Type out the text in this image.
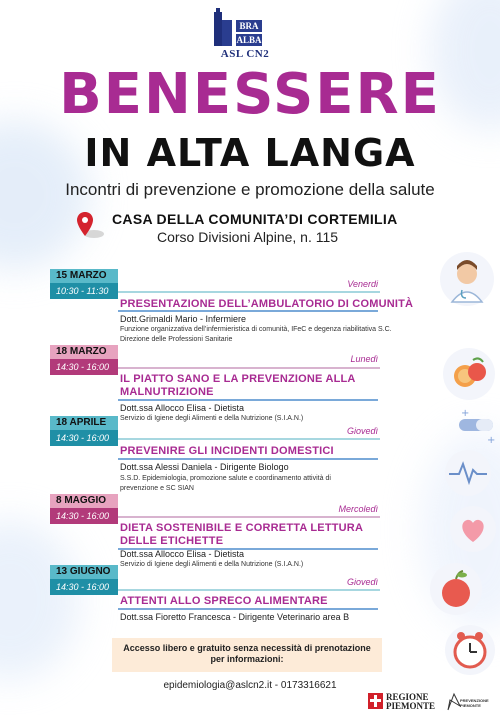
BRA
ALBA
ASL CN2
BENESSERE
IN ALTA LANGA
Incontri di prevenzione e promozione della salute
CASA DELLA COMUNITA’DI CORTEMILIA
Corso Divisioni Alpine, n. 115
15 MARZO
10:30 - 11:30
Venerdi
PRESENTAZIONE DELL’AMBULATORIO DI COMUNITÀ
Dott.Grimaldi Mario - Infermiere
Funzione organizzativa dell’infermieristica di comunità, IFeC e degenza riabilitativa S.C. Direzione delle Professioni Sanitarie
18 MARZO
14:30 - 16:00
Lunedì
IL PIATTO SANO E LA PREVENZIONE ALLA MALNUTRIZIONE
Dott.ssa Allocco Elisa - Dietista
Servizio di Igiene degli Alimenti e della Nutrizione (S.I.A.N.)
18 APRILE
14:30 - 16:00
Giovedì
PREVENIRE GLI INCIDENTI DOMESTICI
Dott.ssa Alessi Daniela - Dirigente Biologo
S.S.D. Epidemiologia, promozione salute e coordinamento attività di prevenzione e SC SIAN
8 MAGGIO
14:30 - 16:00
Mercoledì
DIETA SOSTENIBILE E CORRETTA LETTURA DELLE ETICHETTE
Dott.ssa Allocco Elisa - Dietista
Servizio di Igiene degli Alimenti e della Nutrizione (S.I.A.N.)
13 GIUGNO
14:30 - 16:00	Giovedì
ATTENTI ALLO SPRECO ALIMENTARE
Dott.ssa Fioretto Francesca - Dirigente Veterinario area B
+
+
Accesso libero e gratuito senza necessità di prenotazione
per informazioni:
epidemiologia@aslcn2.it - 0173316621
REGIONE
PIEMONTE	PREVENZIONE
PIEMONTE
